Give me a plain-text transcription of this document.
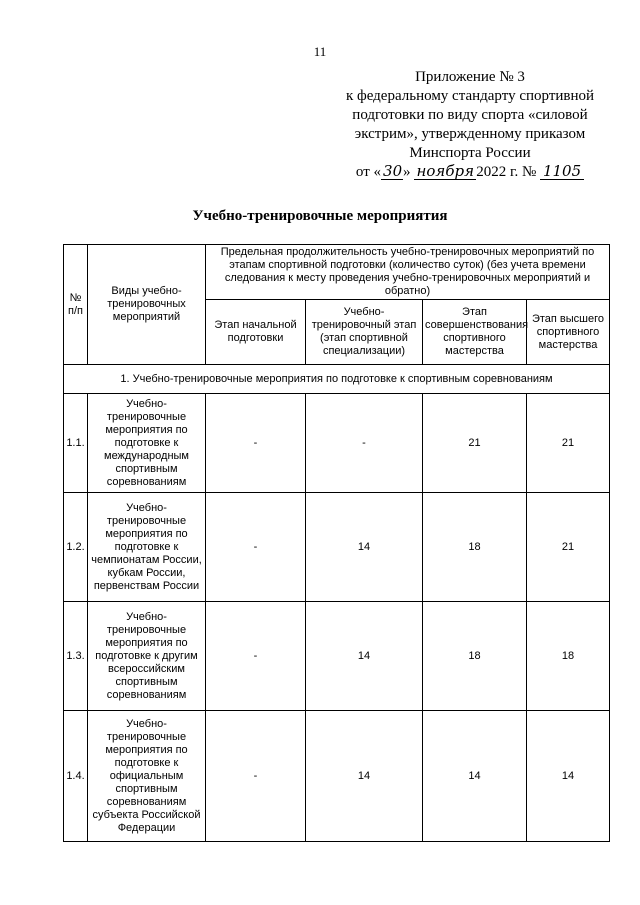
11
Приложение № 3
к федеральному стандарту спортивной
подготовки по виду спорта «силовой
экстрим», утвержденному приказом
Минспорта России
от « 30» ноября 2022 г. № 1105
Учебно-тренировочные мероприятия
№ п/п	Виды учебно-тренировочных мероприятий	Предельная продолжительность учебно-тренировочных мероприятий по этапам спортивной подготовки (количество суток) (без учета времени следования к месту проведения учебно-тренировочных мероприятий и обратно)			
		Этап начальной подготовки	Учебно-тренировочный этап (этап спортивной специализации)	Этап совершенствования спортивного мастерства	Этап высшего спортивного мастерства
1. Учебно-тренировочные мероприятия по подготовке к спортивным соревнованиям					
1.1.	Учебно-тренировочные мероприятия по подготовке к международным спортивным соревнованиям	-	-	21	21
1.2.	Учебно-тренировочные мероприятия по подготовке к чемпионатам России, кубкам России, первенствам России	-	14	18	21
1.3.	Учебно-тренировочные мероприятия по подготовке к другим всероссийским спортивным соревнованиям	-	14	18	18
1.4.	Учебно-тренировочные мероприятия по подготовке к официальным спортивным соревнованиям субъекта Российской Федерации	-	14	14	14
